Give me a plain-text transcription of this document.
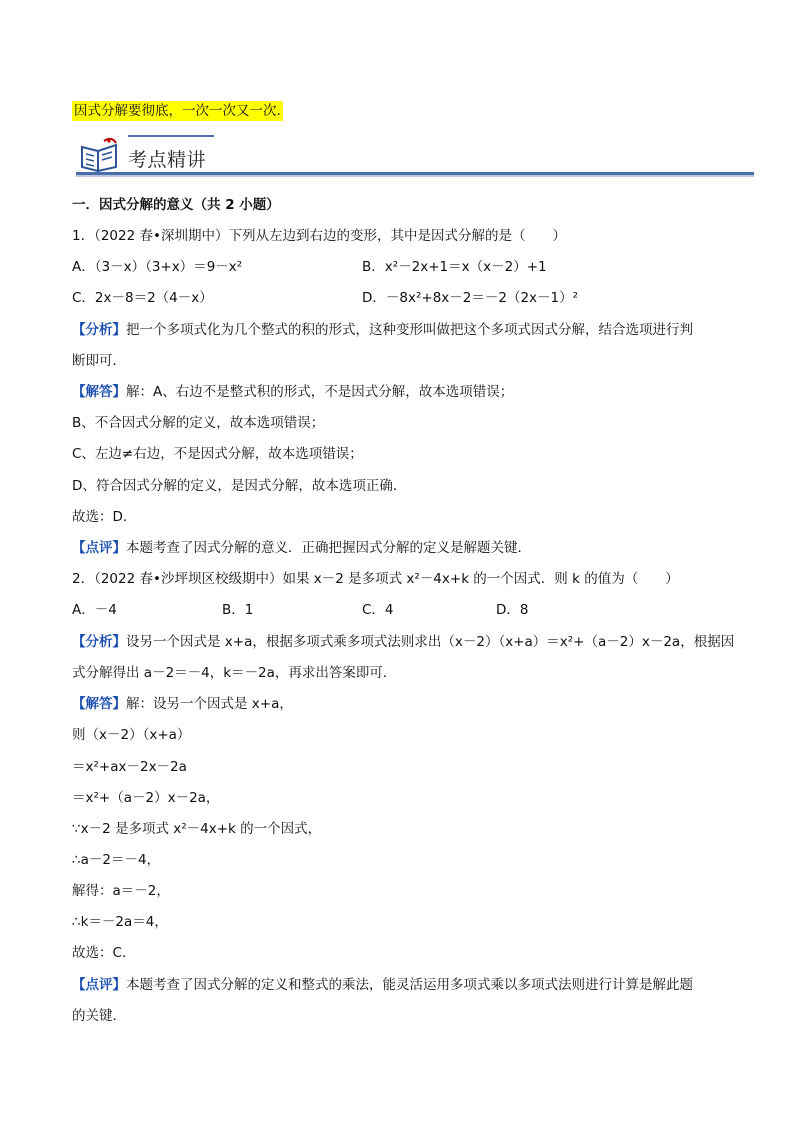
因式分解要彻底，一次一次又一次.
考点精讲
一．因式分解的意义（共 2 小题）
1．（2022 春•深圳期中）下列从左边到右边的变形，其中是因式分解的是（　　）
A．（3－x）（3+x）＝9－x²	B．x²－2x+1＝x（x－2）+1
C．2x－8＝2（4－x）	D．－8x²+8x－2＝－2（2x－1）²
【分析】把一个多项式化为几个整式的积的形式，这种变形叫做把这个多项式因式分解，结合选项进行判
断即可．
【解答】解：A、右边不是整式积的形式，不是因式分解，故本选项错误；
B、不合因式分解的定义，故本选项错误；
C、左边≠右边，不是因式分解，故本选项错误；
D、符合因式分解的定义，是因式分解，故本选项正确．
故选：D．
【点评】本题考查了因式分解的意义．正确把握因式分解的定义是解题关键．
2．（2022 春•沙坪坝区校级期中）如果 x－2 是多项式 x²－4x+k 的一个因式．则 k 的值为（　　）
A．－4	B．1	C．4	D．8
【分析】设另一个因式是 x+a，根据多项式乘多项式法则求出（x－2）（x+a）＝x²+（a－2）x－2a，根据因
式分解得出 a－2＝－4，k＝－2a，再求出答案即可．
【解答】解：设另一个因式是 x+a，
则（x－2）（x+a）
＝x²+ax－2x－2a
＝x²+（a－2）x－2a，
∵x－2 是多项式 x²－4x+k 的一个因式，
∴a－2＝－4，
解得：a＝－2，
∴k＝－2a＝4，
故选：C．
【点评】本题考查了因式分解的定义和整式的乘法，能灵活运用多项式乘以多项式法则进行计算是解此题
的关键．
